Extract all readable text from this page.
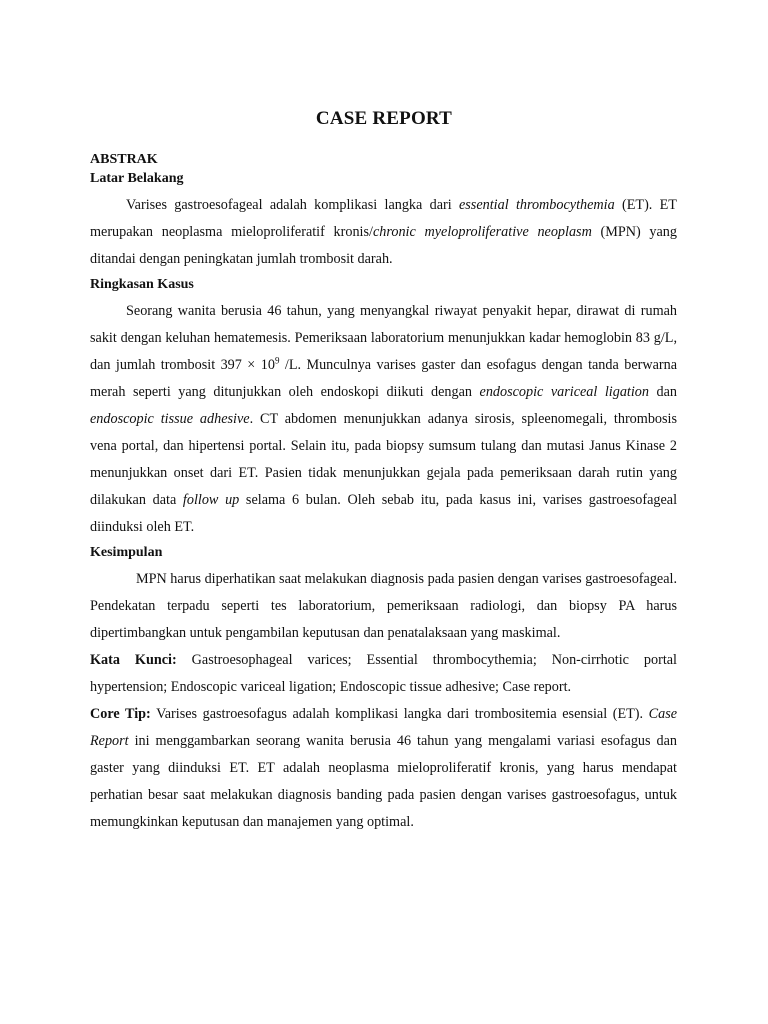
CASE REPORT
ABSTRAK
Latar Belakang

Varises gastroesofageal adalah komplikasi langka dari essential thrombocythemia (ET). ET merupakan neoplasma mieloproliferatif kronis/chronic myeloproliferative neoplasm (MPN) yang ditandai dengan peningkatan jumlah trombosit darah.

Ringkasan Kasus

Seorang wanita berusia 46 tahun, yang menyangkal riwayat penyakit hepar, dirawat di rumah sakit dengan keluhan hematemesis. Pemeriksaan laboratorium menunjukkan kadar hemoglobin 83 g/L, dan jumlah trombosit $397 \times 10^9$ /L. Munculnya varises gaster dan esofagus dengan tanda berwarna merah seperti yang ditunjukkan oleh endoskopi diikuti dengan endoscopic variceal ligation dan endoscopic tissue adhesive. CT abdomen menunjukkan adanya sirosis, spleenomegali, thrombosis vena portal, dan hipertensi portal. Selain itu, pada biopsy sumsum tulang dan mutasi Janus Kinase 2 menunjukkan onset dari ET. Pasien tidak menunjukkan gejala pada pemeriksaan darah rutin yang dilakukan data follow up selama 6 bulan. Oleh sebab itu, pada kasus ini, varises gastroesofageal diinduksi oleh ET.

Kesimpulan

MPN harus diperhatikan saat melakukan diagnosis pada pasien dengan varises gastroesofageal. Pendekatan terpadu seperti tes laboratorium, pemeriksaan radiologi, dan biopsy PA harus dipertimbangkan untuk pengambilan keputusan dan penatalaksaan yang maskimal.

Kata Kunci: Gastroesophageal varices; Essential thrombocythemia; Non-cirrhotic portal hypertension; Endoscopic variceal ligation; Endoscopic tissue adhesive; Case report.

Core Tip: Varises gastroesofagus adalah komplikasi langka dari trombositemia esensial (ET). Case Report ini menggambarkan seorang wanita berusia 46 tahun yang mengalami variasi esofagus dan gaster yang diinduksi ET. ET adalah neoplasma mieloproliferatif kronis, yang harus mendapat perhatian besar saat melakukan diagnosis banding pada pasien dengan varises gastroesofagus, untuk memungkinkan keputusan dan manajemen yang optimal.
